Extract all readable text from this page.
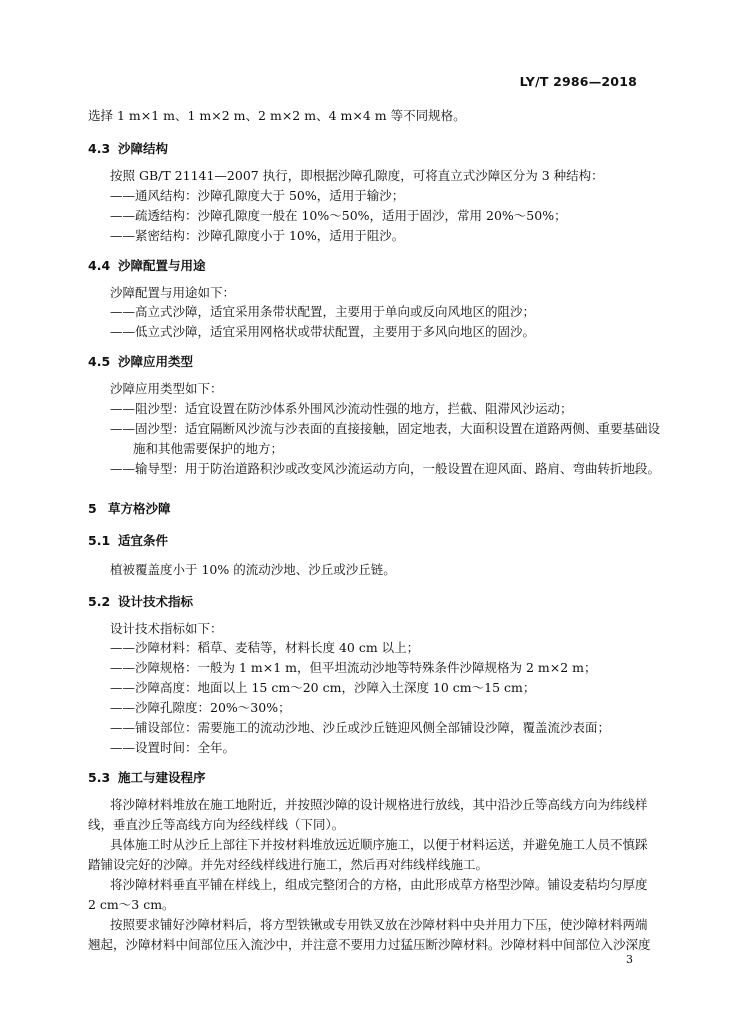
LY/T 2986—2018
选择 1 m×1 m、1 m×2 m、2 m×2 m、4 m×4 m 等不同规格。
4.3 沙障结构
按照 GB/T 21141—2007 执行，即根据沙障孔隙度，可将直立式沙障区分为 3 种结构：
——通风结构：沙障孔隙度大于 50%，适用于输沙；
——疏透结构：沙障孔隙度一般在 10%～50%，适用于固沙，常用 20%～50%；
——紧密结构：沙障孔隙度小于 10%，适用于阻沙。
4.4 沙障配置与用途
沙障配置与用途如下：
——高立式沙障，适宜采用条带状配置，主要用于单向或反向风地区的阻沙；
——低立式沙障，适宜采用网格状或带状配置，主要用于多风向地区的固沙。
4.5 沙障应用类型
沙障应用类型如下：
——阻沙型：适宜设置在防沙体系外围风沙流动性强的地方，拦截、阻滞风沙运动；
——固沙型：适宜隔断风沙流与沙表面的直接接触，固定地表，大面积设置在道路两侧、重要基础设
施和其他需要保护的地方；
——输导型：用于防治道路积沙或改变风沙流运动方向，一般设置在迎风面、路肩、弯曲转折地段。
5 草方格沙障
5.1 适宜条件
植被覆盖度小于 10% 的流动沙地、沙丘或沙丘链。
5.2 设计技术指标
设计技术指标如下：
——沙障材料：稻草、麦秸等，材料长度 40 cm 以上；
——沙障规格：一般为 1 m×1 m，但平坦流动沙地等特殊条件沙障规格为 2 m×2 m；
——沙障高度：地面以上 15 cm～20 cm，沙障入土深度 10 cm～15 cm；
——沙障孔隙度：20%～30%；
——铺设部位：需要施工的流动沙地、沙丘或沙丘链迎风侧全部铺设沙障，覆盖流沙表面；
——设置时间：全年。
5.3 施工与建设程序
将沙障材料堆放在施工地附近，并按照沙障的设计规格进行放线，其中沿沙丘等高线方向为纬线样
线，垂直沙丘等高线方向为经线样线（下同）。
具体施工时从沙丘上部往下并按材料堆放远近顺序施工，以便于材料运送，并避免施工人员不慎踩
踏铺设完好的沙障。并先对经线样线进行施工，然后再对纬线样线施工。
将沙障材料垂直平铺在样线上，组成完整闭合的方格，由此形成草方格型沙障。铺设麦秸均匀厚度
2 cm～3 cm。
按照要求铺好沙障材料后，将方型铁锹或专用铁叉放在沙障材料中央并用力下压，使沙障材料两端
翘起，沙障材料中间部位压入流沙中，并注意不要用力过猛压断沙障材料。沙障材料中间部位入沙深度
3
